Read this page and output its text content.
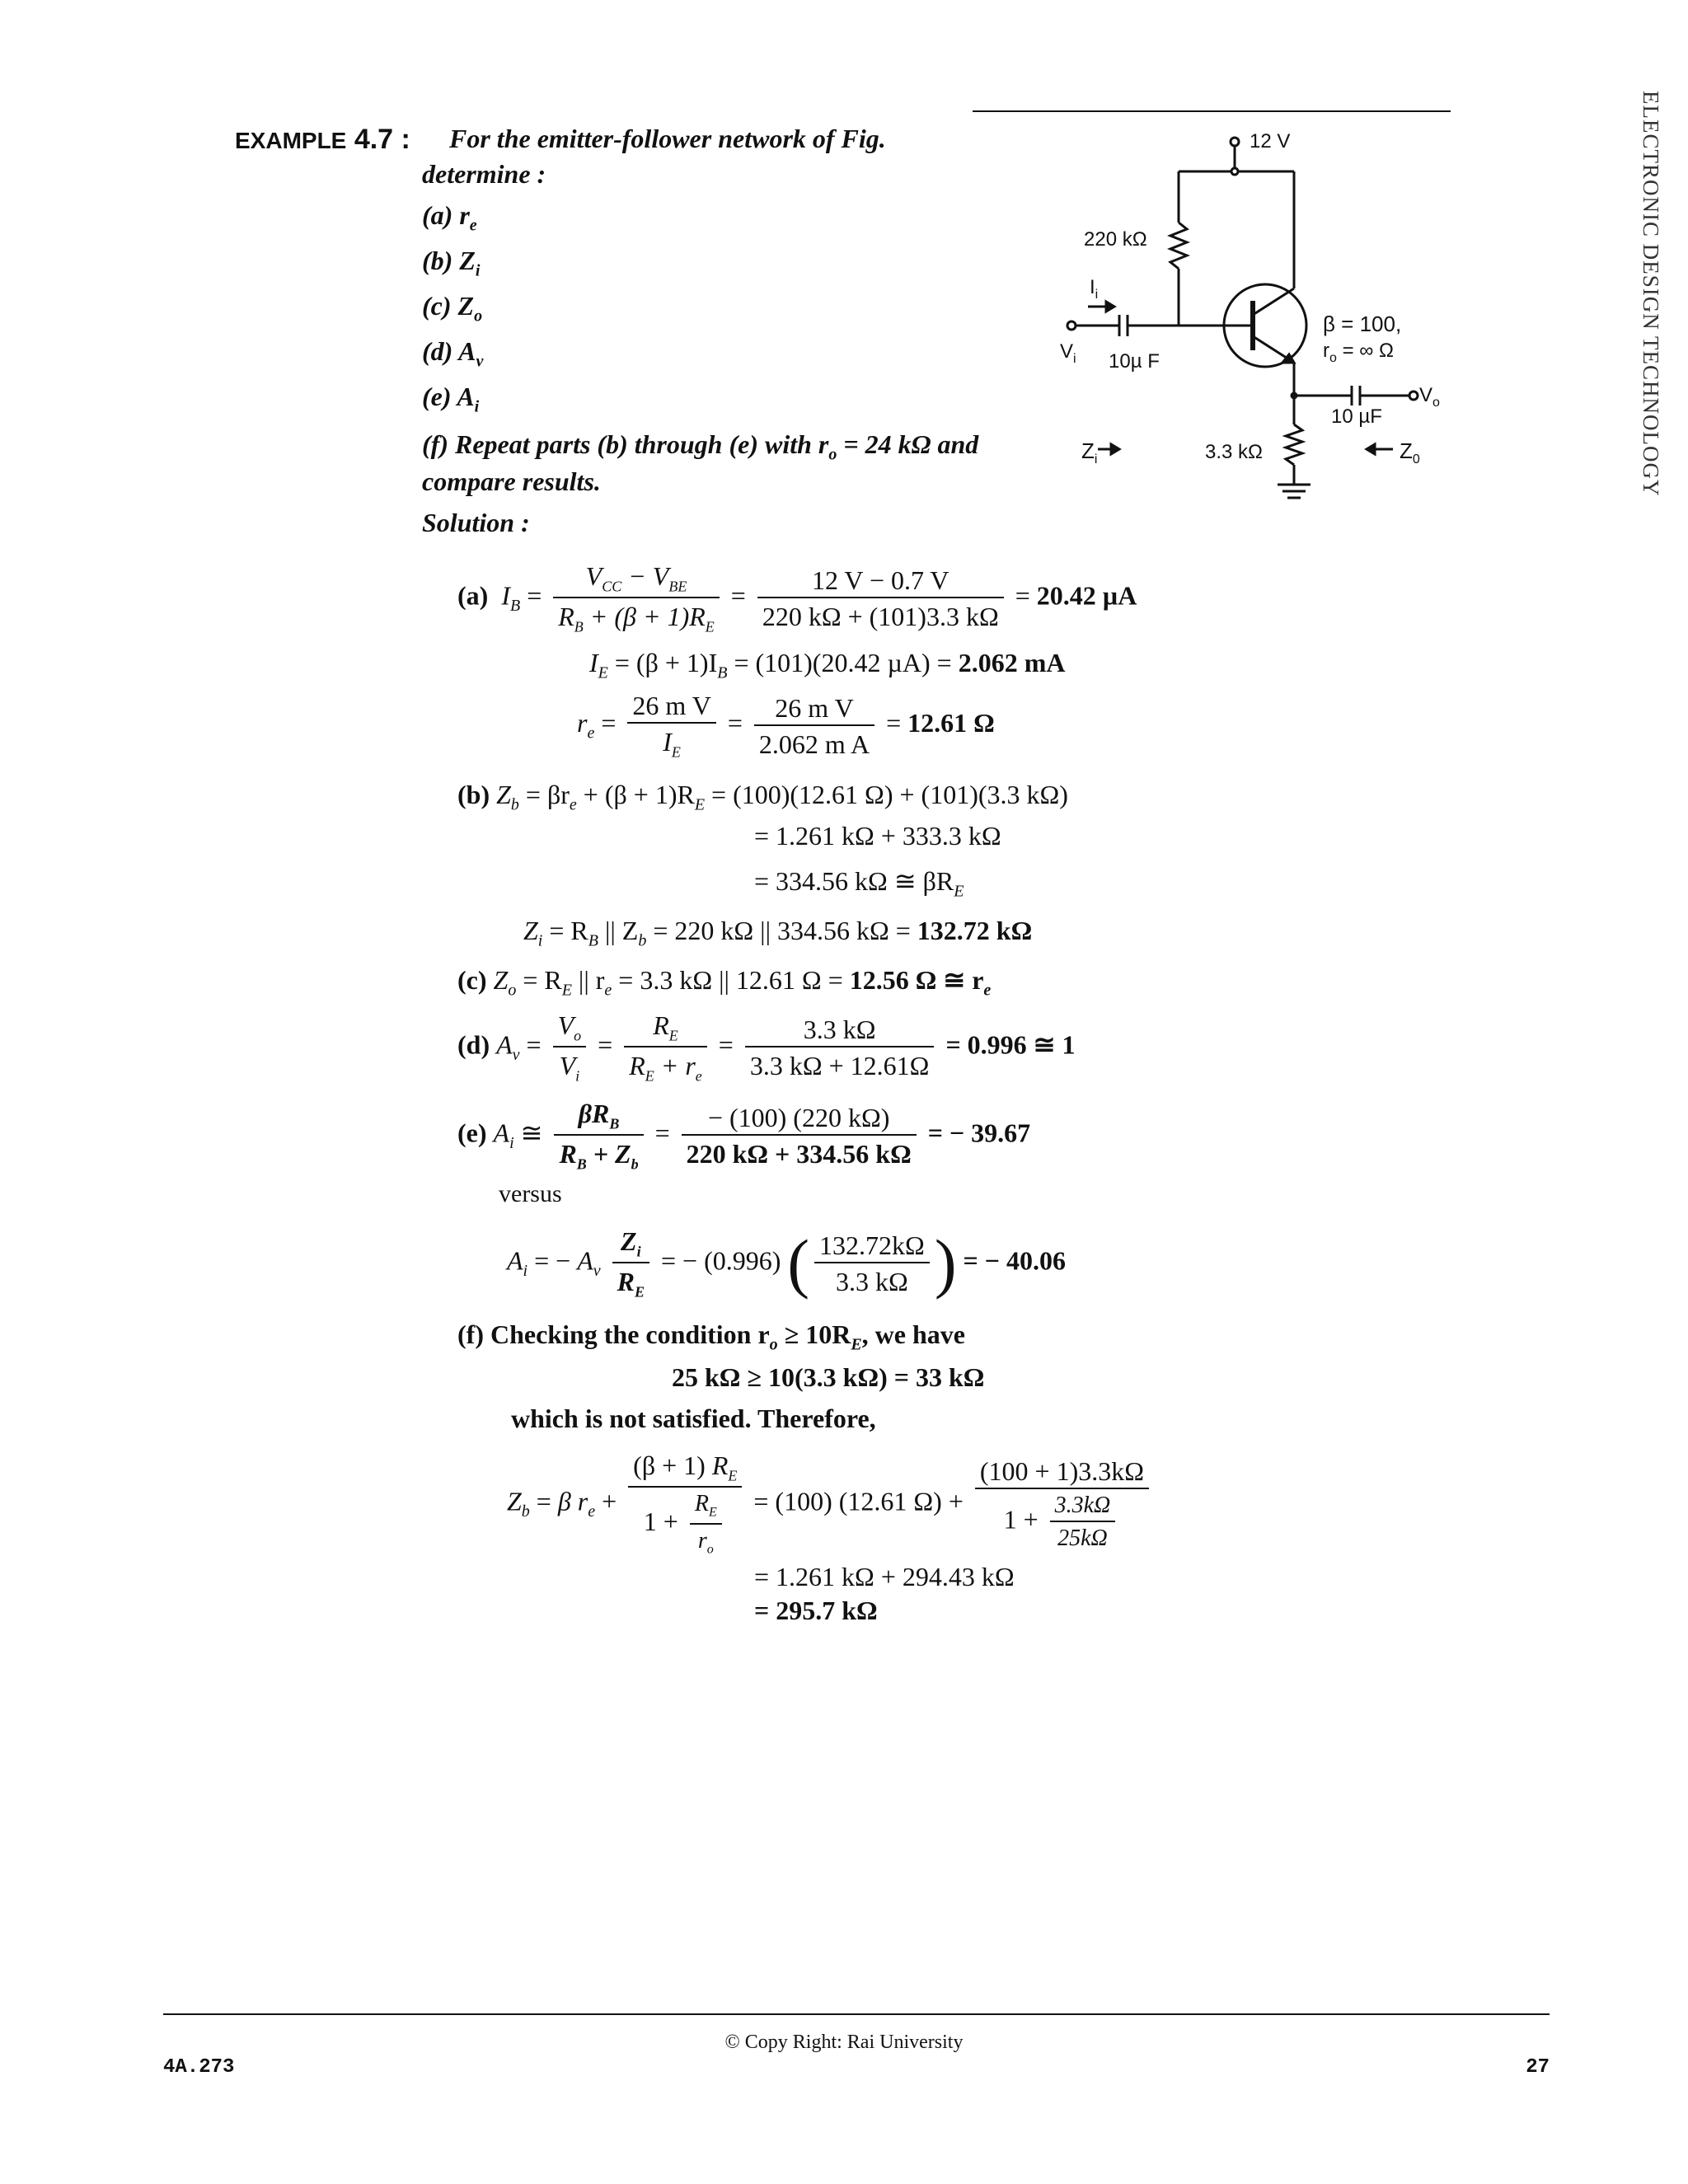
ELECTRONIC DESIGN TECHNOLOGY
EXAMPLE 4.7 : For the emitter-follower network of Fig.
determine :
(a) $r_e$
(b) $Z_i$
(c) $Z_o$
(d) $A_v$
(e) $A_i$
(f) Repeat parts (b) through (e) with $r_o = 24$ kΩ and
compare results.
Solution :
12 V
220 kΩ
$I_i$
$V_i$ 10µ F
β = 100,
$r_o$ = ∞ Ω
10 µF
$V_o$
$Z_i$	3.3 kΩ	$Z_0$
(a) $I_B = \frac{V_{CC} - V_{BE}}{R_B + (\beta + 1)R_E} = \frac{12 V - 0.7 V}{220 k\Omega + (101)3.3 k\Omega} = 20.42$ µA
$I_E = (\beta + 1)I_B = (101)(20.42$ µA) = 2.062 mA
$r_e = \frac{\text{26 m V}}{I_E} = \frac{\text{26 m V}}{\text{2.062 m A}} = 12.61$ Ω
(b) $Z_b = \beta r_e + (\beta + 1)R_E = (100)(12.61$ Ω) + (101)(3.3 kΩ)
= 1.261 kΩ + 333.3 kΩ
= 334.56 kΩ ≅ $\beta R_E$
$Z_i = R_B$ || $Z_b = 220$ kΩ || 334.56 kΩ = 132.72 kΩ
(c) $Z_o = R_E$ || $r_e = 3.3$ kΩ || 12.61 Ω = 12.56 Ω ≅ $r_e$
(d) $A_v = \frac{V_o}{V_i} = \frac{R_E}{R_E + r_e} = \frac{3.3 k\Omega}{3.3 k\Omega + 12.61\Omega} = 0.996$ ≅ 1
(e) $A_i$ ≅ $\frac{\beta R_B}{R_B + Z_b} = \frac{- (100) (220 k\Omega)}{220 k\Omega + 334.56 k\Omega}$ = − 39.67
versus
$A_i$ = − $A_v \frac{Z_i}{R_E}$ = − (0.996) ( $\frac{132.72k\Omega}{3.3 k\Omega}$ ) = − 40.06
(f) Checking the condition $r_o \ge 10R_E$, we have
25 kΩ ≥ 10(3.3 kΩ) = 33 kΩ
which is not satisfied. Therefore,
$Z_b = \beta$ $r_e + \frac{(\beta + 1) R_E}{1 + \frac{R_E}{r_o}} = (100)$ (12.61 $\Omega) + \frac{(100 + 1)3.3k\Omega}{1 + \frac{3.3k\Omega}{25k\Omega}}$
= 1.261 kΩ + 294.43 kΩ
= 295.7 kΩ
© Copy Right: Rai University
4A.273	27
